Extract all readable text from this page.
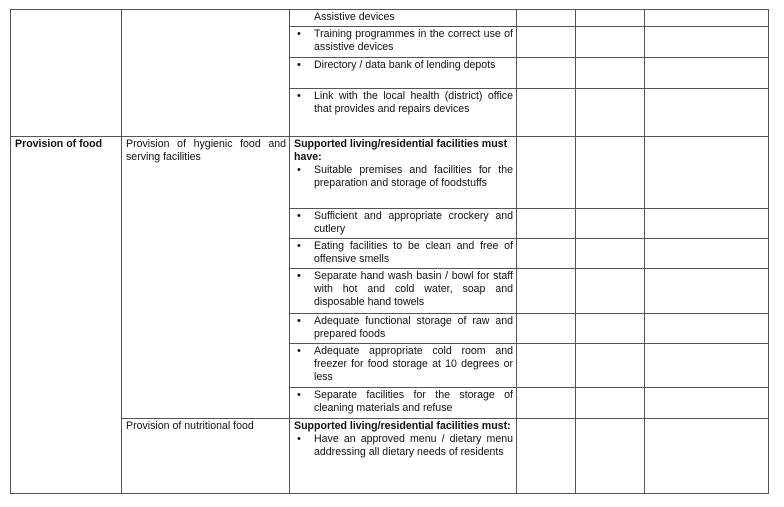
		Assistive devices			

		• Training programmes in the correct use of assistive devices			

		• Directory / data bank of lending depots			

		• Link with the local health (district) office that provides and repairs devices			

Provision of food	Provision of hygienic food and serving facilities	Supported living/residential facilities must have:
• Suitable premises and facilities for the preparation and storage of foodstuffs			

		• Sufficient and appropriate crockery and cutlery			

		• Eating facilities to be clean and free of offensive smells			

		• Separate hand wash basin / bowl for staff with hot and cold water, soap and disposable hand towels			

		• Adequate functional storage of raw and prepared foods			

		• Adequate appropriate cold room and freezer for food storage at 10 degrees or less			

		• Separate facilities for the storage of cleaning materials and refuse			

	Provision of nutritional food	Supported living/residential facilities must:
• Have an approved menu / dietary menu addressing all dietary needs of residents			
